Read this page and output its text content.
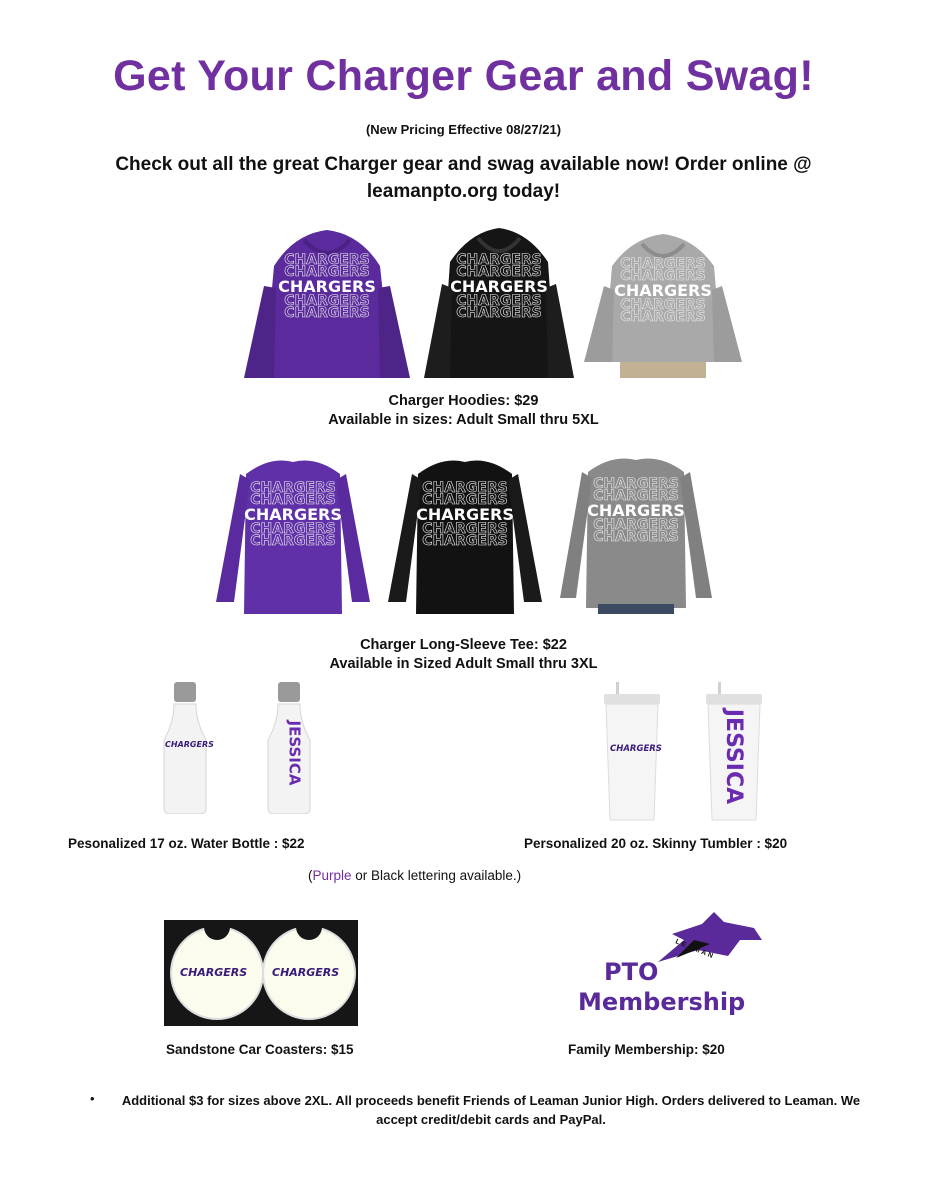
Get Your Charger Gear and Swag!
(New Pricing Effective 08/27/21)
Check out all the great Charger gear and swag available now! Order online @ leamanpto.org today!
CHARGERS
CHARGERS
CHARGERS
CHARGERS
CHARGERS
CHARGERS
CHARGERS
CHARGERS
CHARGERS
CHARGERS
CHARGERS
CHARGERS
CHARGERS
CHARGERS
CHARGERS
Charger Hoodies: $29
Available in sizes: Adult Small thru 5XL
CHARGERS
CHARGERS
CHARGERS
CHARGERS
CHARGERS
CHARGERS
CHARGERS
CHARGERS
CHARGERS
CHARGERS
CHARGERS
CHARGERS
CHARGERS
CHARGERS
CHARGERS
Charger Long-Sleeve Tee: $22
Available in Sized Adult Small thru 3XL
CHARGERS	JESSICA
Pesonalized 17 oz. Water Bottle : $22
CHARGERS	JESSICA
Personalized 20 oz. Skinny Tumbler : $20
(Purple or Black lettering available.)
CHARGERS CHARGERS
Sandstone Car Coasters: $15
LEAMAN
PTO
Membership
Family Membership: $20
•	Additional $3 for sizes above 2XL. All proceeds benefit Friends of Leaman Junior High. Orders delivered to Leaman. We accept credit/debit cards and PayPal.
